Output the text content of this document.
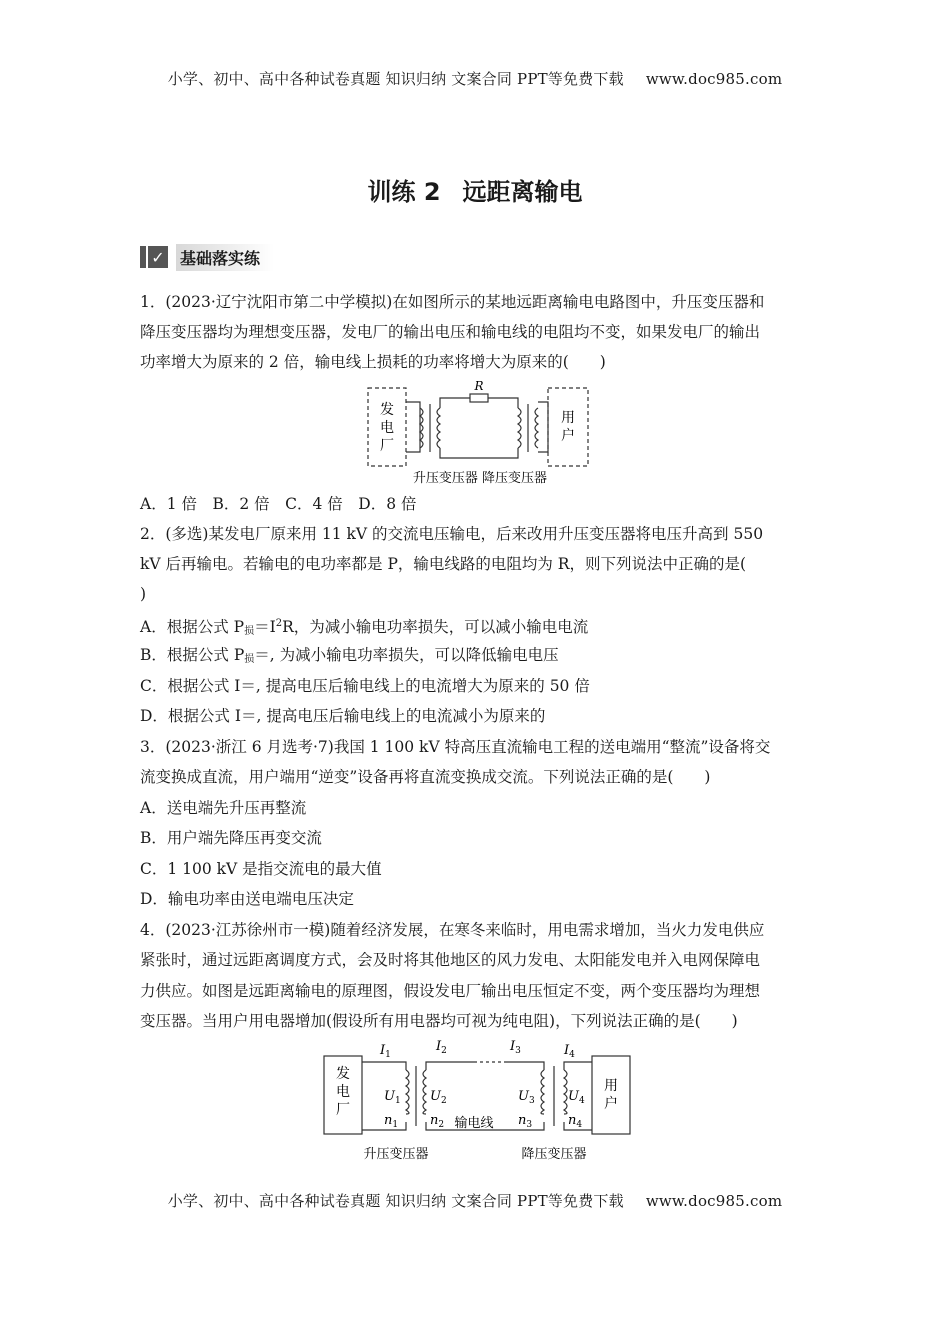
小学、初中、高中各种试卷真题 知识归纳 文案合同 PPT等免费下载 www.doc985.com
训练 2 远距离输电
✓ 基础落实练
1．(2023·辽宁沈阳市第二中学模拟)在如图所示的某地远距离输电电路图中，升压变压器和
降压变压器均为理想变压器，发电厂的输出电压和输电线的电阻均不变，如果发电厂的输出
功率增大为原来的 2 倍，输电线上损耗的功率将增大为原来的(　　)
发
电
厂
R
用
户
升压变压器 降压变压器
A．1 倍　B．2 倍　C．4 倍　D．8 倍
2．(多选)某发电厂原来用 11 kV 的交流电压输电，后来改用升压变压器将电压升高到 550
kV 后再输电。若输电的电功率都是 P，输电线路的电阻均为 R，则下列说法中正确的是(
)
A．根据公式 $P_损=I^2R$，为减小输电功率损失，可以减小输电电流
B．根据公式 $P_损=$, 为减小输电功率损失，可以降低输电电压
C．根据公式 I＝, 提高电压后输电线上的电流增大为原来的 50 倍
D．根据公式 I＝, 提高电压后输电线上的电流减小为原来的
3．(2023·浙江 6 月选考·7)我国 1 100 kV 特高压直流输电工程的送电端用“整流”设备将交
流变换成直流，用户端用“逆变”设备再将直流变换成交流。下列说法正确的是(　　)
A．送电端先升压再整流
B．用户端先降压再变交流
C．1 100 kV 是指交流电的最大值
D．输电功率由送电端电压决定
4．(2023·江苏徐州市一模)随着经济发展，在寒冬来临时，用电需求增加，当火力发电供应
紧张时，通过远距离调度方式，会及时将其他地区的风力发电、太阳能发电并入电网保障电
力供应。如图是远距离输电的原理图，假设发电厂输出电压恒定不变，两个变压器均为理想
变压器。当用户用电器增加(假设所有用电器均可视为纯电阻)，下列说法正确的是(　　)
发
电
厂
用
户
$I_1$
$I_2$	$I_3$	$I_4$
$U_1$ $U_2$	$U_3$	$U_4$
$n_1$ $n_2$	$n_3$	$n_4$
输电线
升压变压器	降压变压器
小学、初中、高中各种试卷真题 知识归纳 文案合同 PPT等免费下载 www.doc985.com
